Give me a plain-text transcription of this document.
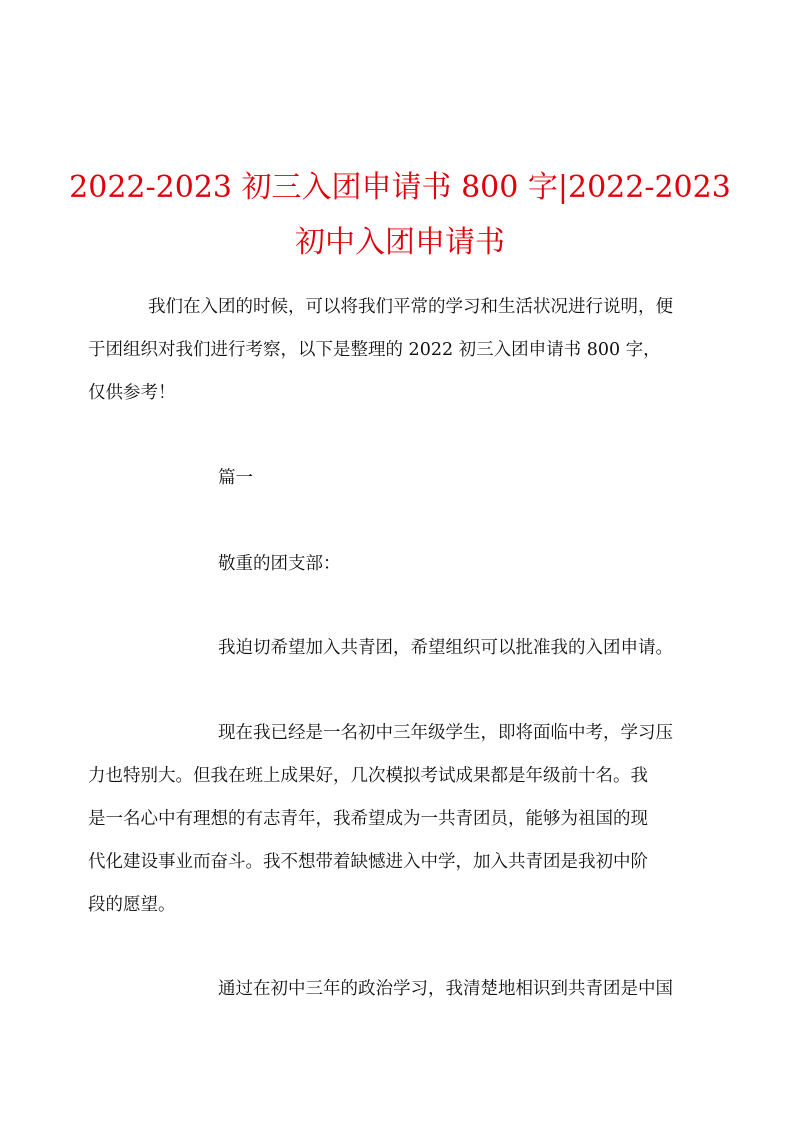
2022-2023 初三入团申请书 800 字|2022-2023
初中入团申请书
我们在入团的时候，可以将我们平常的学习和生活状况进行说明，便
于团组织对我们进行考察，以下是整理的 2022 初三入团申请书 800 字，
仅供参考！
篇一
敬重的团支部：
我迫切希望加入共青团，希望组织可以批准我的入团申请。
现在我已经是一名初中三年级学生，即将面临中考，学习压
力也特别大。但我在班上成果好，几次模拟考试成果都是年级前十名。我
是一名心中有理想的有志青年，我希望成为一共青团员，能够为祖国的现
代化建设事业而奋斗。我不想带着缺憾进入中学，加入共青团是我初中阶
段的愿望。
通过在初中三年的政治学习，我清楚地相识到共青团是中国
